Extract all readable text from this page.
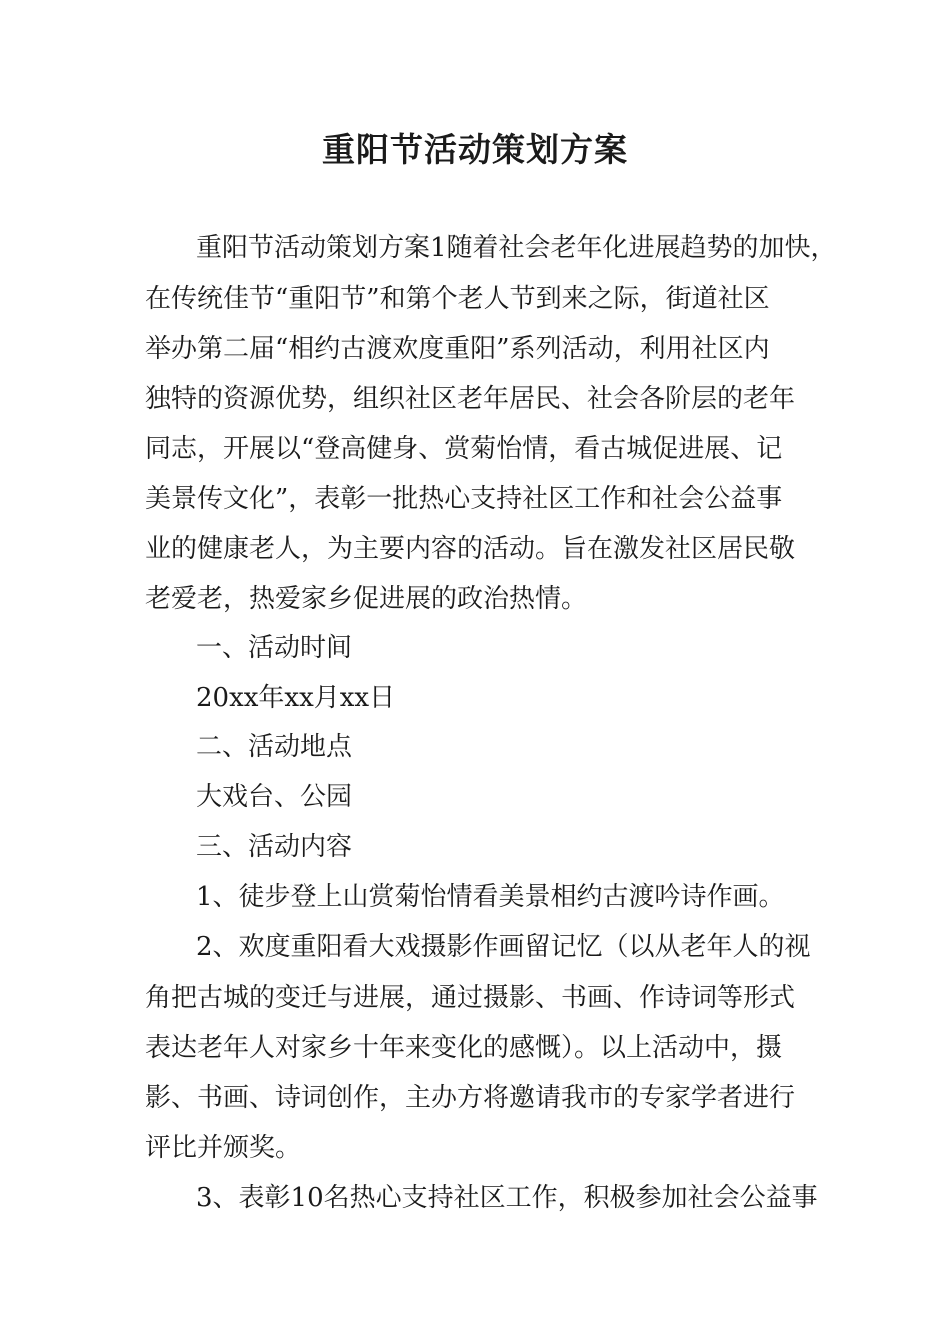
重阳节活动策划方案

重阳节活动策划方案1随着社会老年化进展趋势的加快，

在传统佳节“重阳节”和第个老人节到来之际，街道社区

举办第二届“相约古渡欢度重阳”系列活动，利用社区内

独特的资源优势，组织社区老年居民、社会各阶层的老年

同志，开展以“登高健身、赏菊怡情，看古城促进展、记

美景传文化”，表彰一批热心支持社区工作和社会公益事

业的健康老人，为主要内容的活动。旨在激发社区居民敬

老爱老，热爱家乡促进展的政治热情。

一、活动时间

20xx年xx月xx日

二、活动地点

大戏台、公园

三、活动内容

1、徒步登上山赏菊怡情看美景相约古渡吟诗作画。

2、欢度重阳看大戏摄影作画留记忆（以从老年人的视

角把古城的变迁与进展，通过摄影、书画、作诗词等形式

表达老年人对家乡十年来变化的感慨）。以上活动中，摄

影、书画、诗词创作，主办方将邀请我市的专家学者进行

评比并颁奖。

3、表彰10名热心支持社区工作，积极参加社会公益事
